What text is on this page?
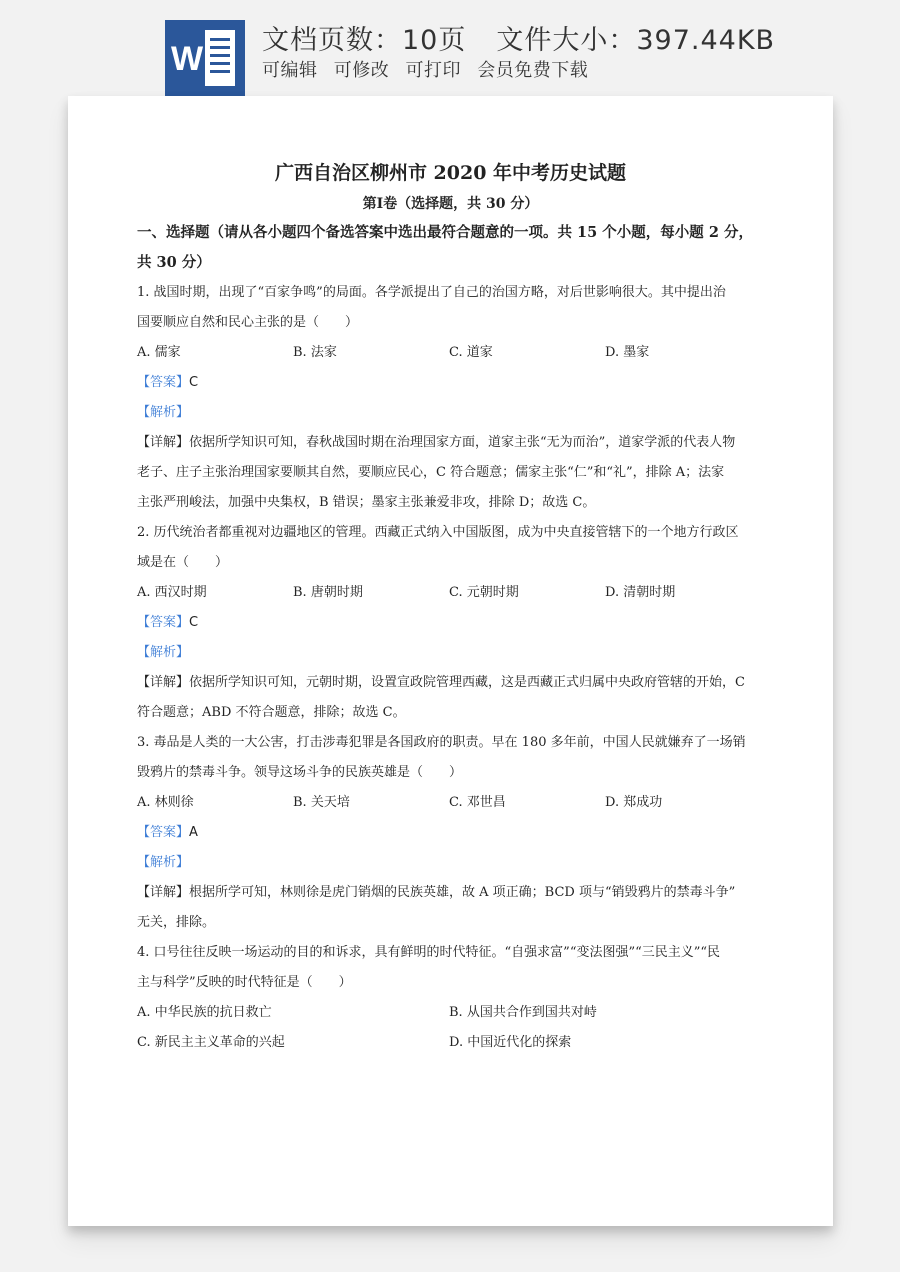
W 文档页数：10页 文件大小：397.44KB
可编辑 可修改 可打印 会员免费下载
广西自治区柳州市 2020 年中考历史试题
第Ⅰ卷（选择题，共 30 分）
一、选择题（请从各小题四个备选答案中选出最符合题意的一项。共 15 个小题，每小题 2 分，
共 30 分）
1. 战国时期，出现了“百家争鸣”的局面。各学派提出了自己的治国方略，对后世影响很大。其中提出治
国要顺应自然和民心主张的是（　　）
A. 儒家	B. 法家	C. 道家	D. 墨家
【答案】C
【解析】
【详解】依据所学知识可知，春秋战国时期在治理国家方面，道家主张“无为而治”，道家学派的代表人物
老子、庄子主张治理国家要顺其自然，要顺应民心，C 符合题意；儒家主张“仁”和“礼”，排除 A；法家
主张严刑峻法，加强中央集权，B 错误；墨家主张兼爱非攻，排除 D；故选 C。
2. 历代统治者都重视对边疆地区的管理。西藏正式纳入中国版图，成为中央直接管辖下的一个地方行政区
域是在（　　）
A. 西汉时期	B. 唐朝时期	C. 元朝时期	D. 清朝时期
【答案】C
【解析】
【详解】依据所学知识可知，元朝时期，设置宣政院管理西藏，这是西藏正式归属中央政府管辖的开始，C
符合题意；ABD 不符合题意，排除；故选 C。
3. 毒品是人类的一大公害，打击涉毒犯罪是各国政府的职责。早在 180 多年前，中国人民就嫌弃了一场销
毁鸦片的禁毒斗争。领导这场斗争的民族英雄是（　　）
A. 林则徐	B. 关天培	C. 邓世昌	D. 郑成功
【答案】A
【解析】
【详解】根据所学可知，林则徐是虎门销烟的民族英雄，故 A 项正确；BCD 项与“销毁鸦片的禁毒斗争”
无关，排除。
4. 口号往往反映一场运动的目的和诉求，具有鲜明的时代特征。“自强求富”“变法图强”“三民主义”“民
主与科学”反映的时代特征是（　　）
A. 中华民族的抗日救亡	B. 从国共合作到国共对峙
C. 新民主主义革命的兴起	D. 中国近代化的探索
